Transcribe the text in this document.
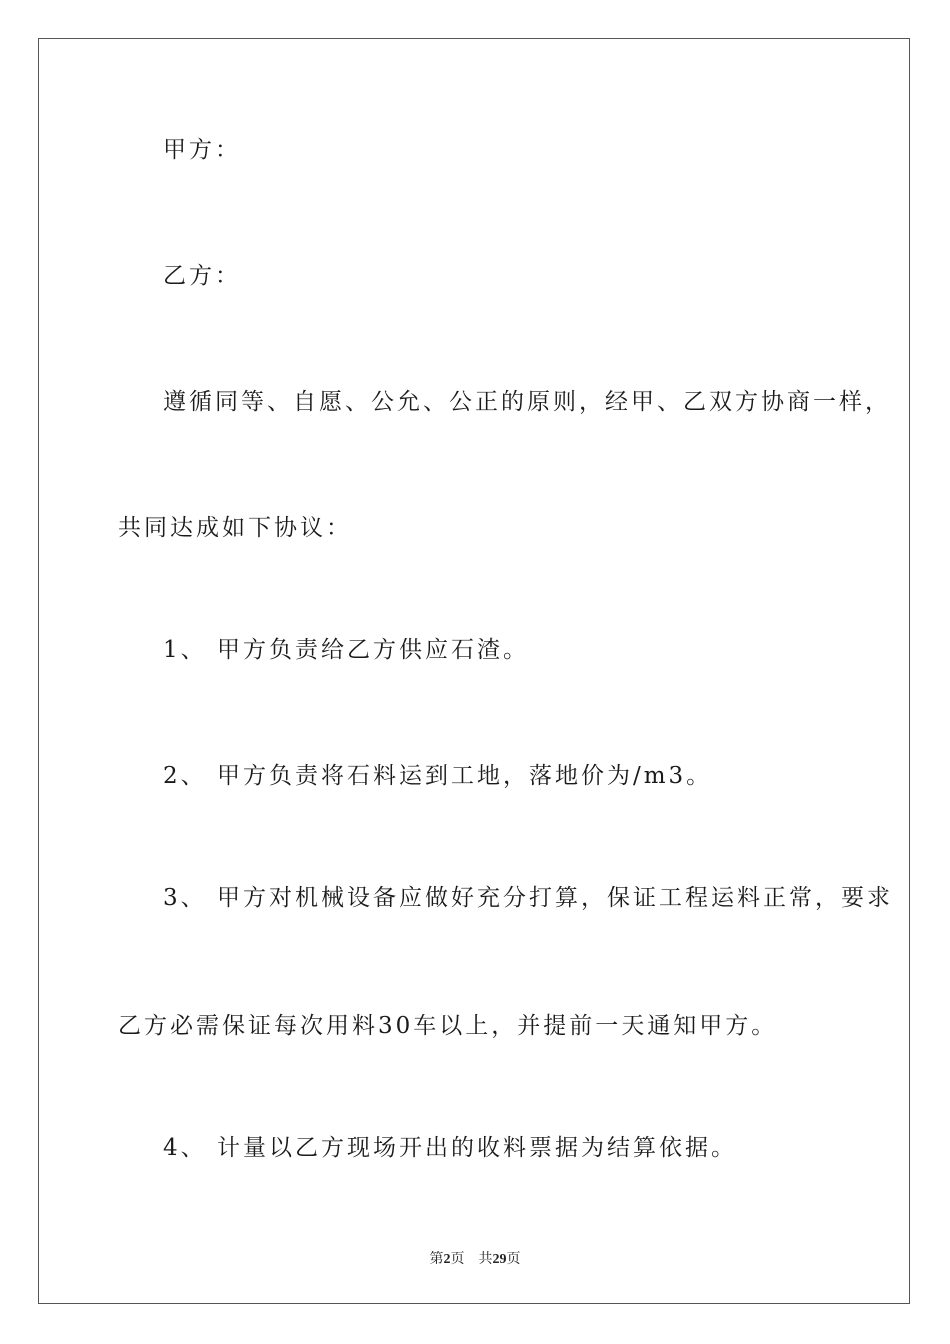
甲方：
乙方：
遵循同等、自愿、公允、公正的原则，经甲、乙双方协商一样，
共同达成如下协议：
1、 甲方负责给乙方供应石渣。
2、 甲方负责将石料运到工地，落地价为/m3。
3、 甲方对机械设备应做好充分打算，保证工程运料正常，要求
乙方必需保证每次用料30车以上，并提前一天通知甲方。
4、 计量以乙方现场开出的收料票据为结算依据。
第2页 共29页
